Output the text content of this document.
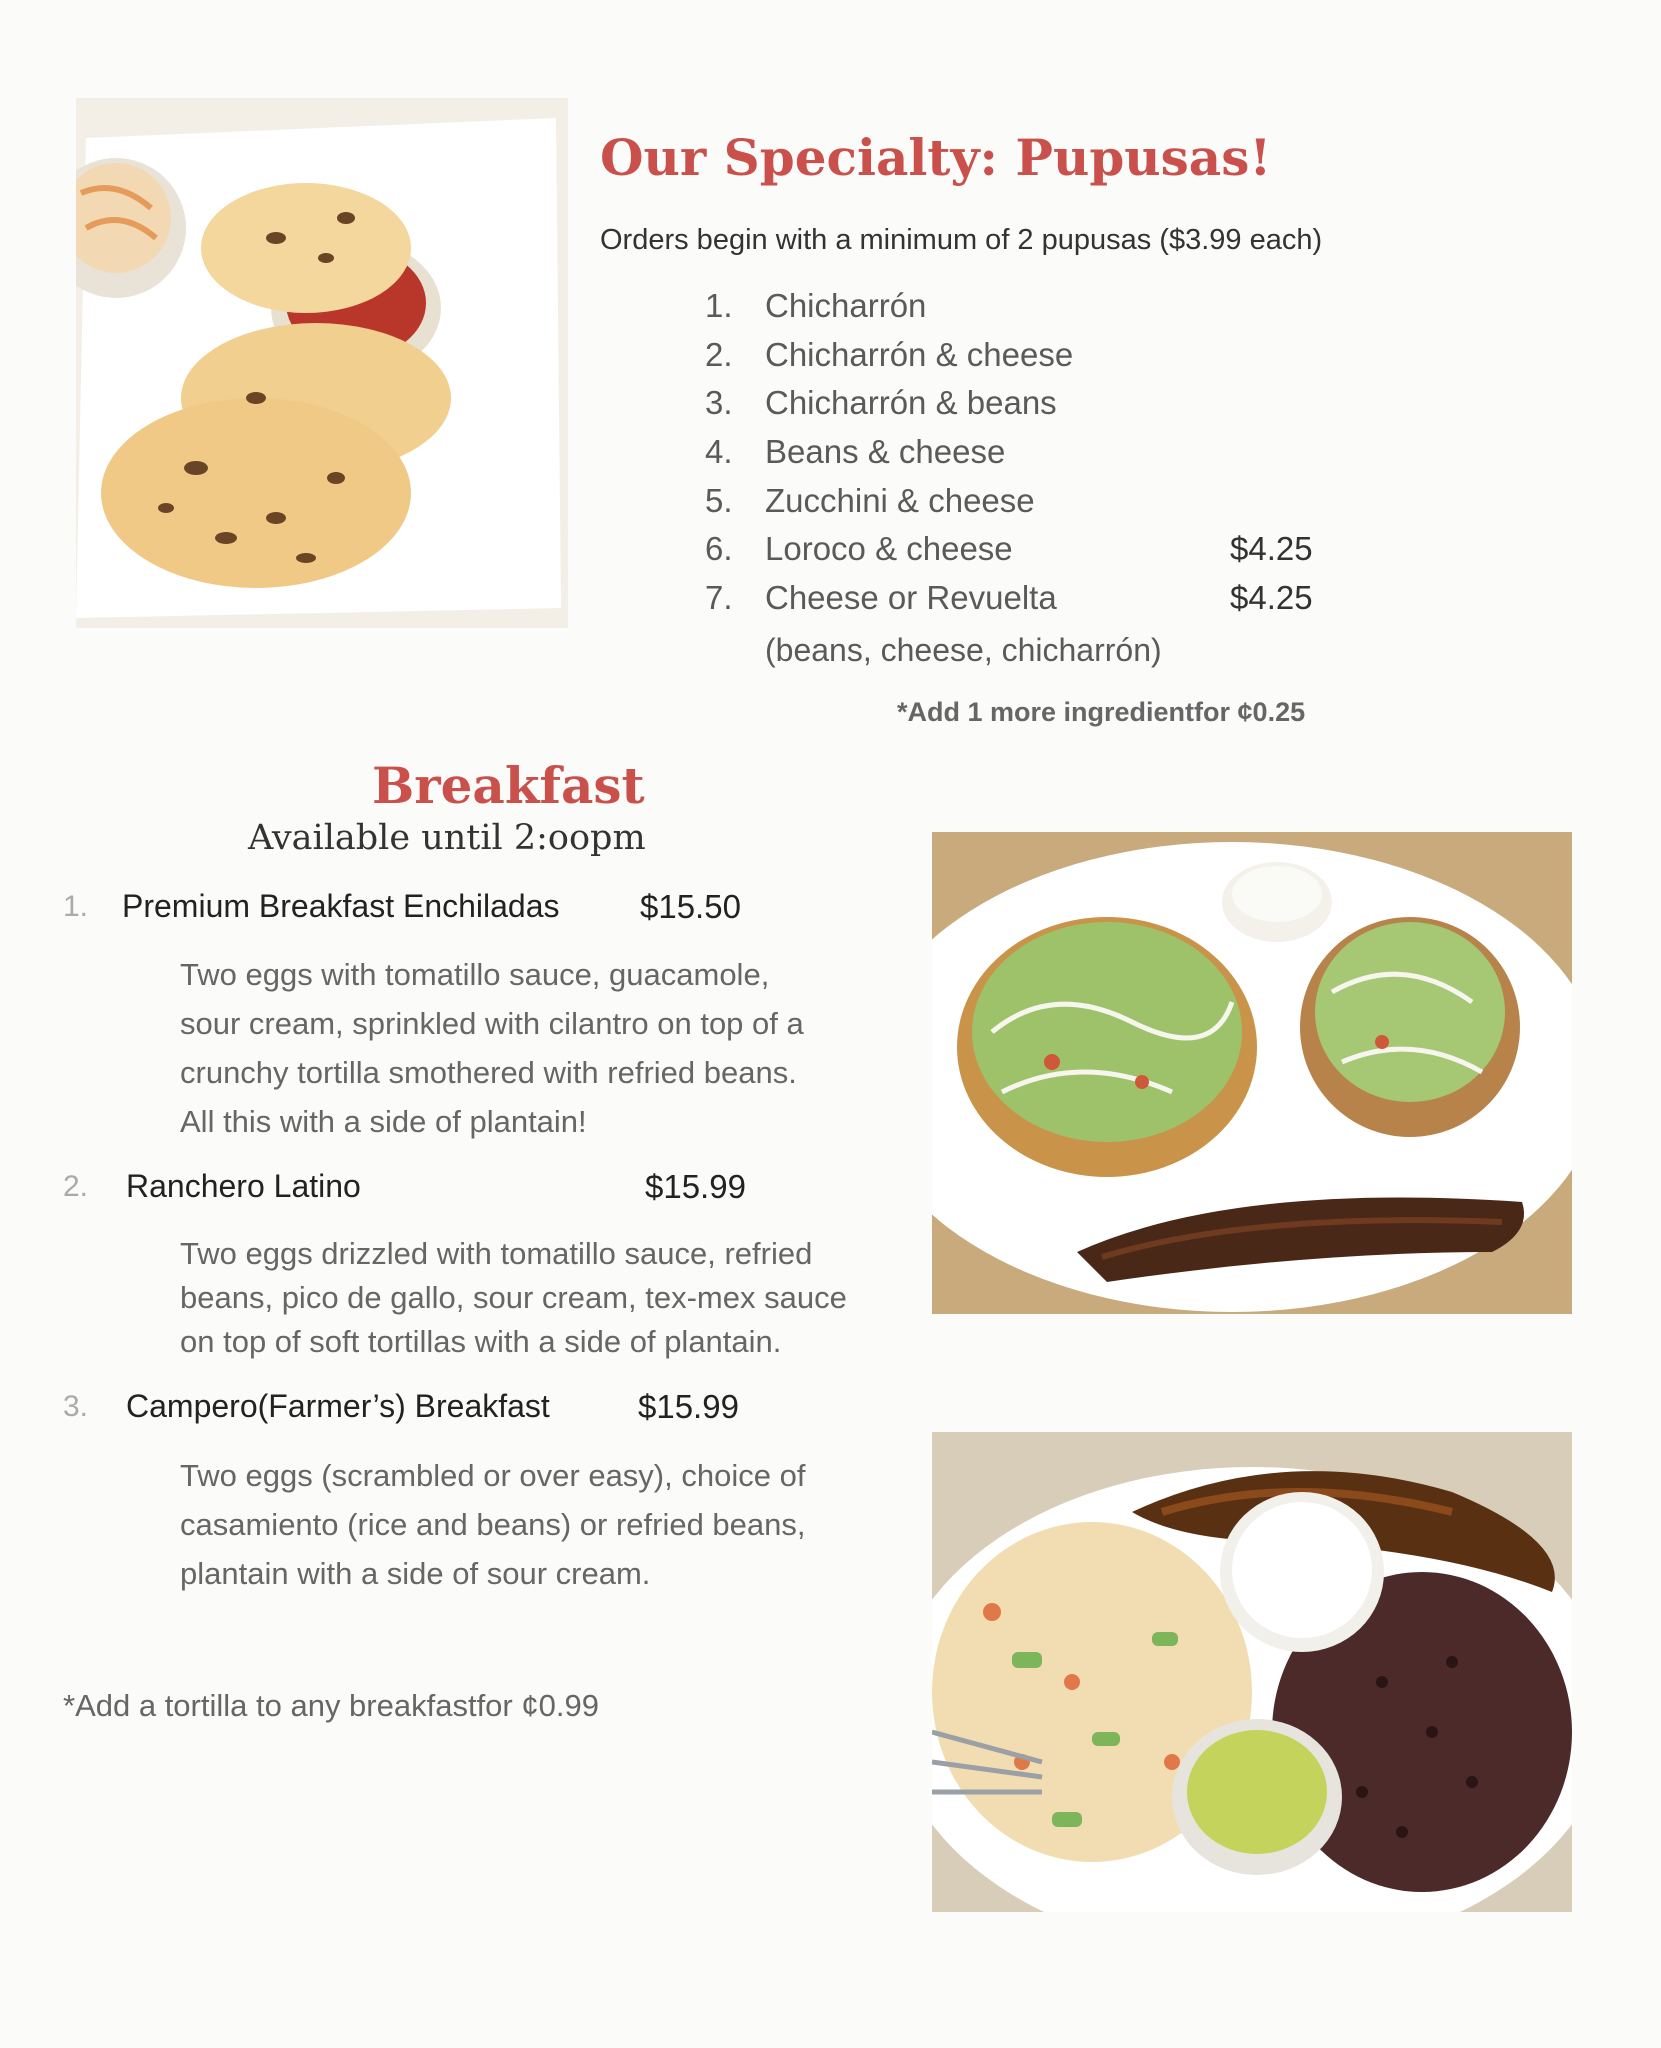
Our Specialty: Pupusas!
Orders begin with a minimum of 2 pupusas ($3.99 each)
1. Chicharrón
2. Chicharrón & cheese
3. Chicharrón & beans
4. Beans & cheese
5. Zucchini & cheese
6. Loroco & cheese	$4.25
7. Cheese or Revuelta	$4.25
(beans, cheese, chicharrón)
*Add 1 more ingredientfor ¢0.25
Breakfast
Available until 2:oopm
1. Premium Breakfast Enchiladas $15.50
Two eggs with tomatillo sauce, guacamole,
sour cream, sprinkled with cilantro on top of a
crunchy tortilla smothered with refried beans.
All this with a side of plantain!
2. Ranchero Latino	$15.99
Two eggs drizzled with tomatillo sauce, refried
beans, pico de gallo, sour cream, tex-mex sauce
on top of soft tortillas with a side of plantain.
3. Campero(Farmer’s) Breakfast	$15.99
Two eggs (scrambled or over easy), choice of
casamiento (rice and beans) or refried beans,
plantain with a side of sour cream.
*Add a tortilla to any breakfastfor ¢0.99
